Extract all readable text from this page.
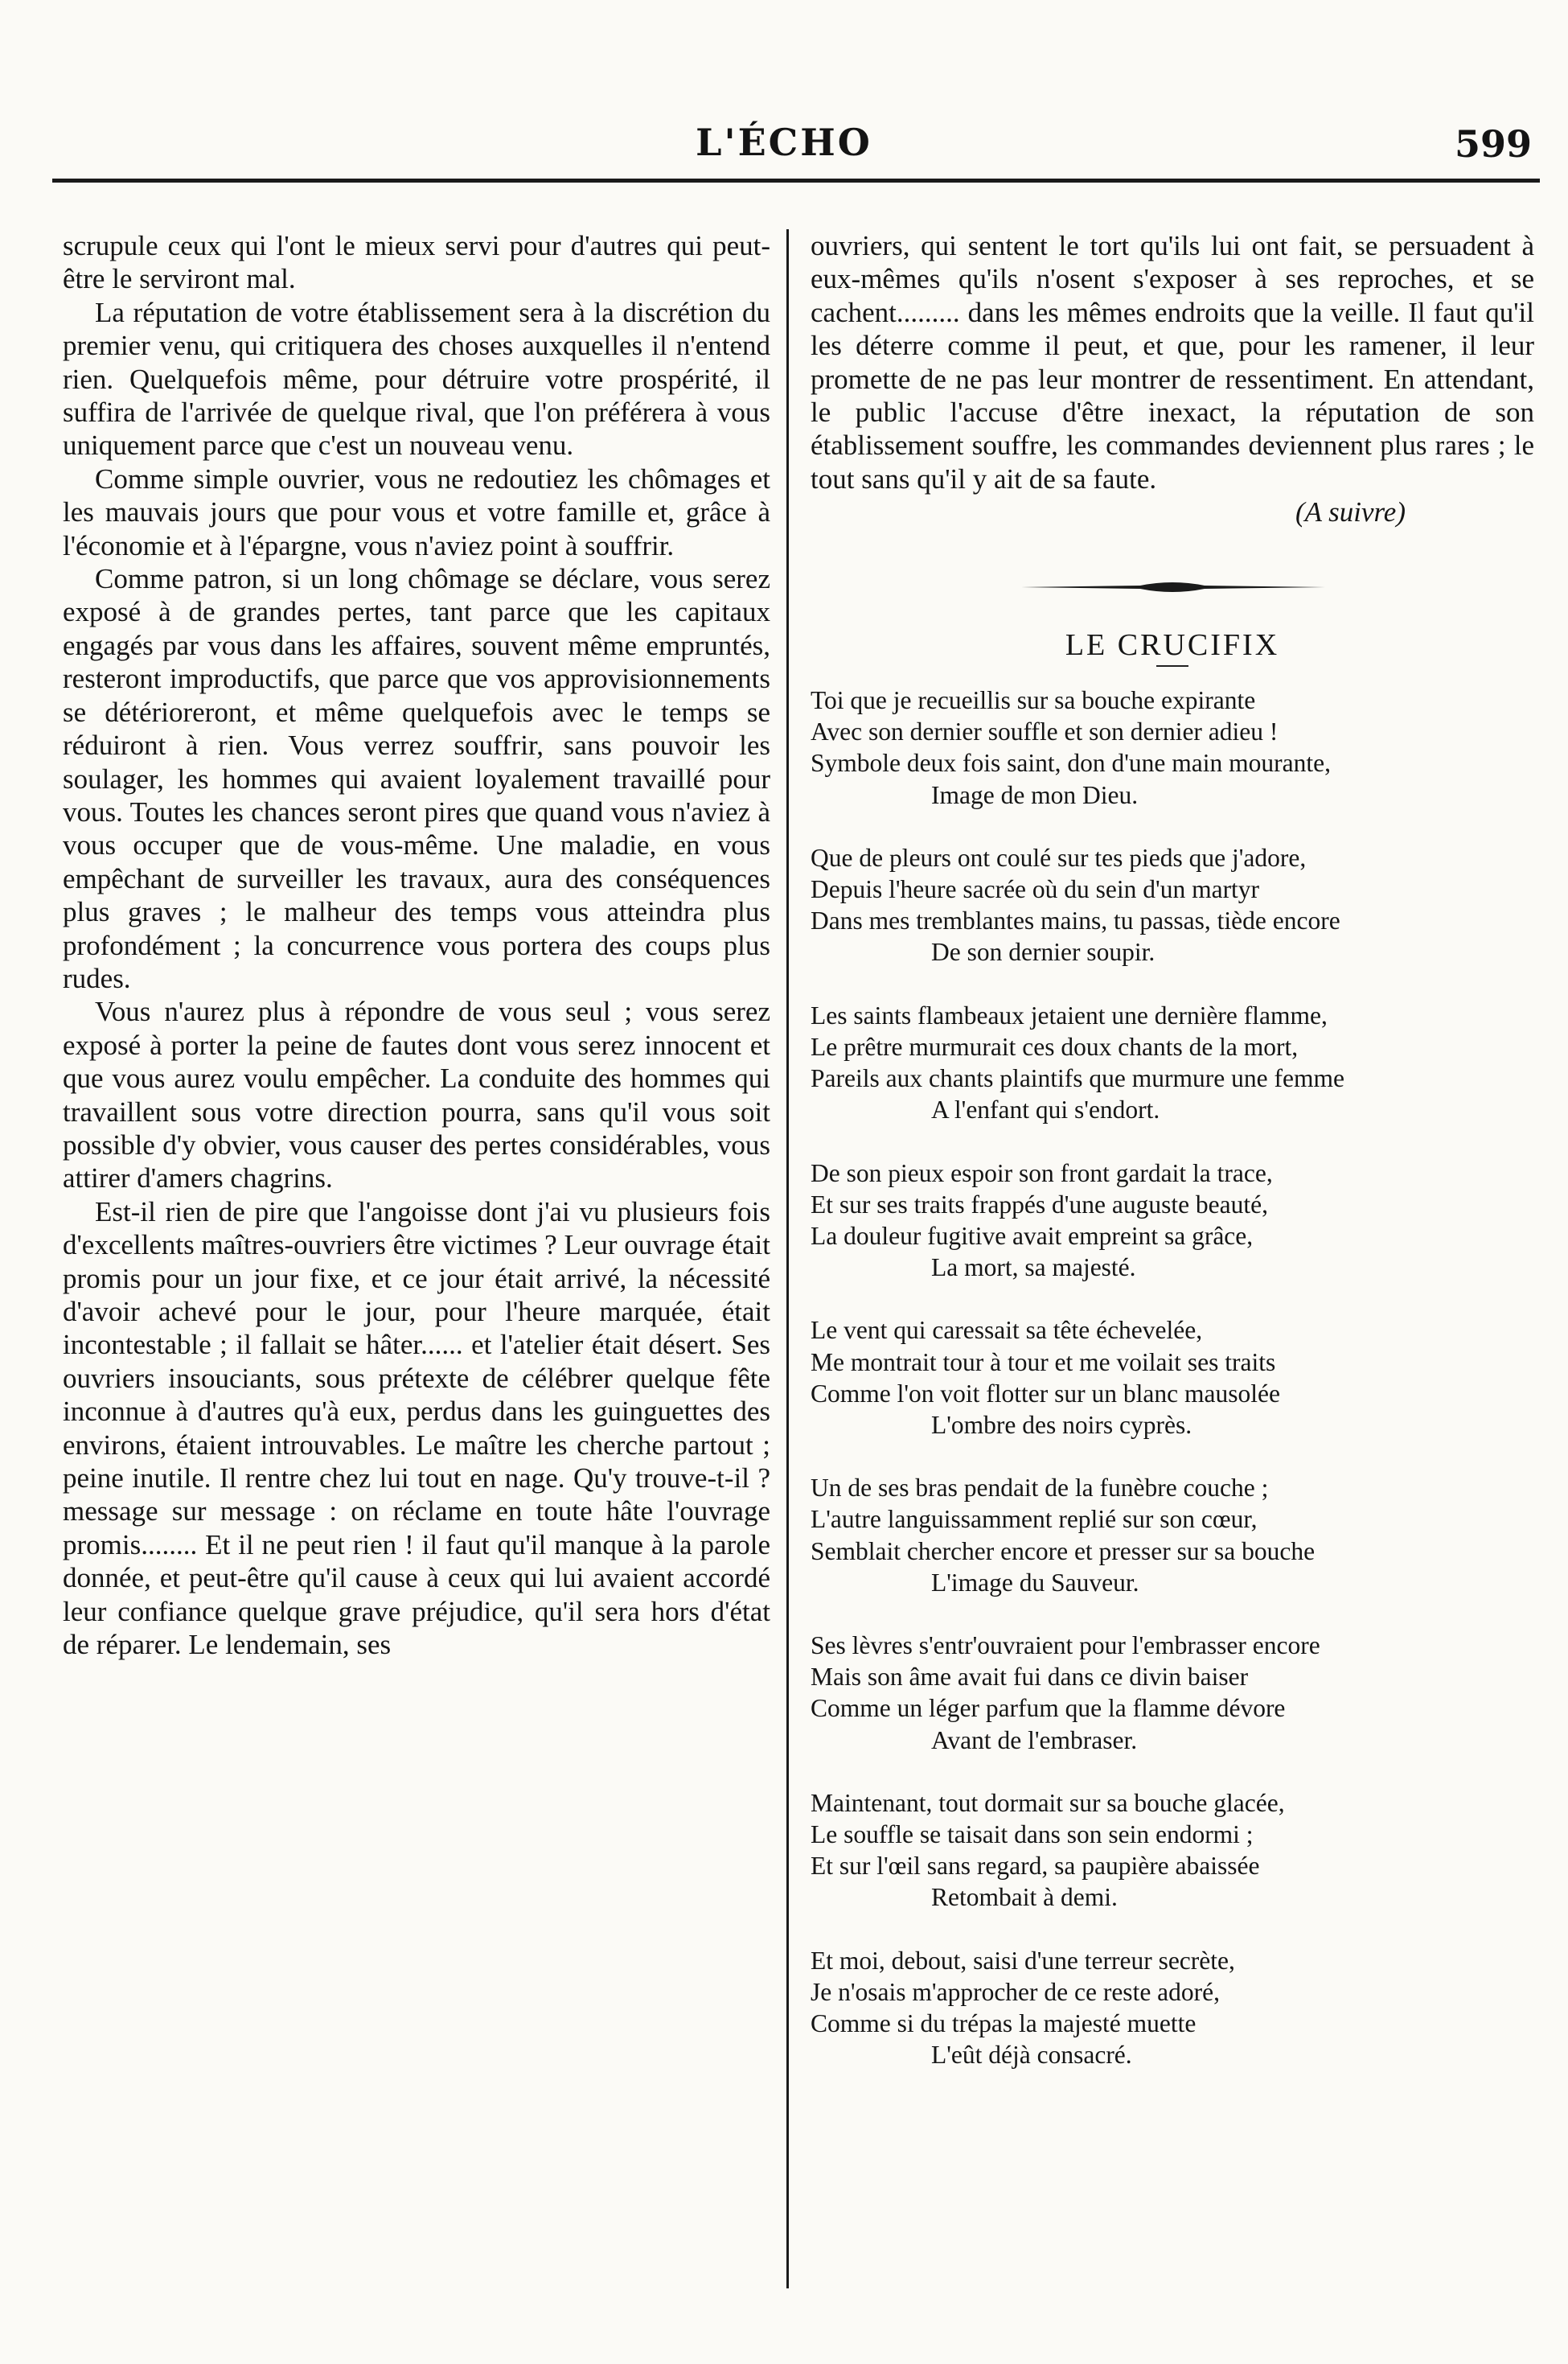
L'ÉCHO	599

scrupule ceux qui l'ont le mieux servi pour d'autres qui peut-être le serviront mal.

La réputation de votre établissement sera à la discrétion du premier venu, qui critiquera des choses auxquelles il n'entend rien. Quelquefois même, pour détruire votre prospérité, il suffira de l'arrivée de quelque rival, que l'on préférera à vous uniquement parce que c'est un nouveau venu.

Comme simple ouvrier, vous ne redoutiez les chômages et les mauvais jours que pour vous et votre famille et, grâce à l'économie et à l'épargne, vous n'aviez point à souffrir.

Comme patron, si un long chômage se déclare, vous serez exposé à de grandes pertes, tant parce que les capitaux engagés par vous dans les affaires, souvent même empruntés, resteront improductifs, que parce que vos approvisionnements se détérioreront, et même quelquefois avec le temps se réduiront à rien. Vous verrez souffrir, sans pouvoir les soulager, les hommes qui avaient loyalement travaillé pour vous. Toutes les chances seront pires que quand vous n'aviez à vous occuper que de vous-même. Une maladie, en vous empêchant de surveiller les travaux, aura des conséquences plus graves ; le malheur des temps vous atteindra plus profondément ; la concurrence vous portera des coups plus rudes.

Vous n'aurez plus à répondre de vous seul ; vous serez exposé à porter la peine de fautes dont vous serez innocent et que vous aurez voulu empêcher. La conduite des hommes qui travaillent sous votre direction pourra, sans qu'il vous soit possible d'y obvier, vous causer des pertes considérables, vous attirer d'amers chagrins.

Est-il rien de pire que l'angoisse dont j'ai vu plusieurs fois d'excellents maîtres-ouvriers être victimes ? Leur ouvrage était promis pour un jour fixe, et ce jour était arrivé, la nécessité d'avoir achevé pour le jour, pour l'heure marquée, était incontestable ; il fallait se hâter...... et l'atelier était désert. Ses ouvriers insouciants, sous prétexte de célébrer quelque fête inconnue à d'autres qu'à eux, perdus dans les guinguettes des environs, étaient introuvables. Le maître les cherche partout ; peine inutile. Il rentre chez lui tout en nage. Qu'y trouve-t-il ? message sur message : on réclame en toute hâte l'ouvrage promis........ Et il ne peut rien ! il faut qu'il manque à la parole donnée, et peut-être qu'il cause à ceux qui lui avaient accordé leur confiance quelque grave préjudice, qu'il sera hors d'état de réparer. Le lendemain, ses

ouvriers, qui sentent le tort qu'ils lui ont fait, se persuadent à eux-mêmes qu'ils n'osent s'exposer à ses reproches, et se cachent......... dans les mêmes endroits que la veille. Il faut qu'il les déterre comme il peut, et que, pour les ramener, il leur promette de ne pas leur montrer de ressentiment. En attendant, le public l'accuse d'être inexact, la réputation de son établissement souffre, les commandes deviennent plus rares ; le tout sans qu'il y ait de sa faute.

(A suivre)
LE CRUCIFIX
Toi que je recueillis sur sa bouche expirante
Avec son dernier souffle et son dernier adieu !
Symbole deux fois saint, don d'une main mourante,
Image de mon Dieu.
Que de pleurs ont coulé sur tes pieds que j'adore,
Depuis l'heure sacrée où du sein d'un martyr
Dans mes tremblantes mains, tu passas, tiède encore
De son dernier soupir.
Les saints flambeaux jetaient une dernière flamme,
Le prêtre murmurait ces doux chants de la mort,
Pareils aux chants plaintifs que murmure une femme
A l'enfant qui s'endort.
De son pieux espoir son front gardait la trace,
Et sur ses traits frappés d'une auguste beauté,
La douleur fugitive avait empreint sa grâce,
La mort, sa majesté.
Le vent qui caressait sa tête échevelée,
Me montrait tour à tour et me voilait ses traits
Comme l'on voit flotter sur un blanc mausolée
L'ombre des noirs cyprès.
Un de ses bras pendait de la funèbre couche ;
L'autre languissamment replié sur son cœur,
Semblait chercher encore et presser sur sa bouche
L'image du Sauveur.
Ses lèvres s'entr'ouvraient pour l'embrasser encore
Mais son âme avait fui dans ce divin baiser
Comme un léger parfum que la flamme dévore
Avant de l'embraser.
Maintenant, tout dormait sur sa bouche glacée,
Le souffle se taisait dans son sein endormi ;
Et sur l'œil sans regard, sa paupière abaissée
Retombait à demi.
Et moi, debout, saisi d'une terreur secrète,
Je n'osais m'approcher de ce reste adoré,
Comme si du trépas la majesté muette
L'eût déjà consacré.
